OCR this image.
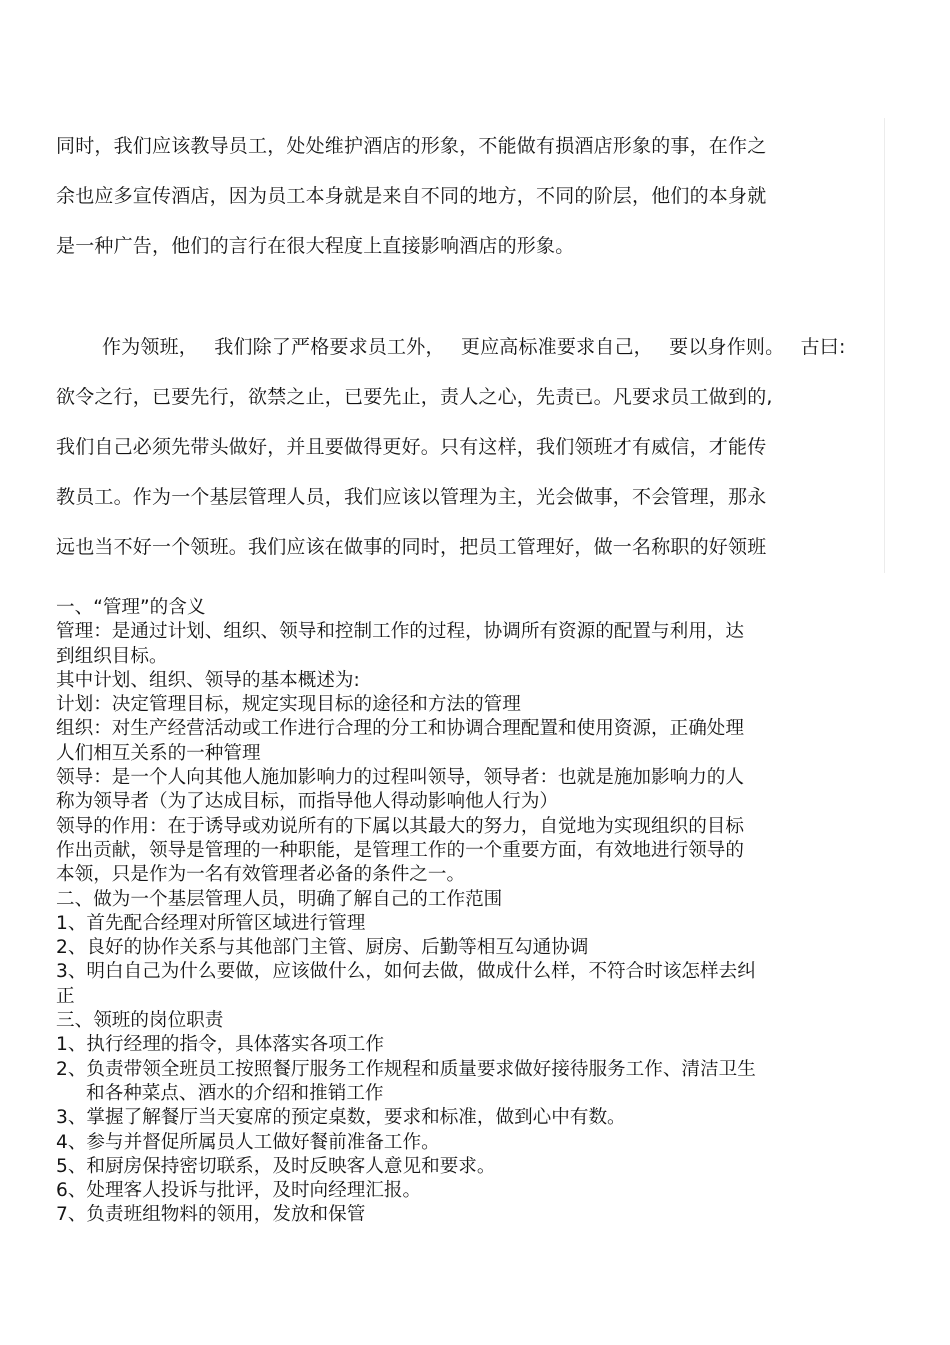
同时，我们应该教导员工，处处维护酒店的形象，不能做有损酒店形象的事，在作之
余也应多宣传酒店，因为员工本身就是来自不同的地方，不同的阶层，他们的本身就
是一种广告，他们的言行在很大程度上直接影响酒店的形象。
作为领班， 我们除了严格要求员工外， 更应高标准要求自己， 要以身作则。 古曰:
欲令之行，已要先行，欲禁之止，已要先止，责人之心，先责已。凡要求员工做到的,
我们自己必须先带头做好，并且要做得更好。只有这样，我们领班才有威信，才能传
教员工。作为一个基层管理人员，我们应该以管理为主，光会做事，不会管理，那永
远也当不好一个领班。我们应该在做事的同时，把员工管理好，做一名称职的好领班

一、“管理”的含义

管理：是通过计划、组织、领导和控制工作的过程，协调所有资源的配置与利用，达

到组织目标。

其中计划、组织、领导的基本概述为:

计划：决定管理目标，规定实现目标的途径和方法的管理

组织：对生产经营活动或工作进行合理的分工和协调合理配置和使用资源，正确处理

人们相互关系的一种管理

领导：是一个人向其他人施加影响力的过程叫领导，领导者：也就是施加影响力的人

称为领导者（为了达成目标，而指导他人得动影响他人行为）

领导的作用：在于诱导或劝说所有的下属以其最大的努力，自觉地为实现组织的目标

作出贡献，领导是管理的一种职能，是管理工作的一个重要方面，有效地进行领导的

本领，只是作为一名有效管理者必备的条件之一。

二、做为一个基层管理人员，明确了解自己的工作范围

1、首先配合经理对所管区域进行管理

2、良好的协作关系与其他部门主管、厨房、后勤等相互勾通协调

3、明白自己为什么要做，应该做什么，如何去做，做成什么样，不符合时该怎样去纠

正

三、领班的岗位职责

1、执行经理的指令，具体落实各项工作

2、负责带领全班员工按照餐厅服务工作规程和质量要求做好接待服务工作、清洁卫生

和各种菜点、酒水的介绍和推销工作

3、掌握了解餐厅当天宴席的预定桌数，要求和标准，做到心中有数。

4、参与并督促所属员人工做好餐前准备工作。

5、和厨房保持密切联系，及时反映客人意见和要求。

6、处理客人投诉与批评，及时向经理汇报。

7、负责班组物料的领用，发放和保管
